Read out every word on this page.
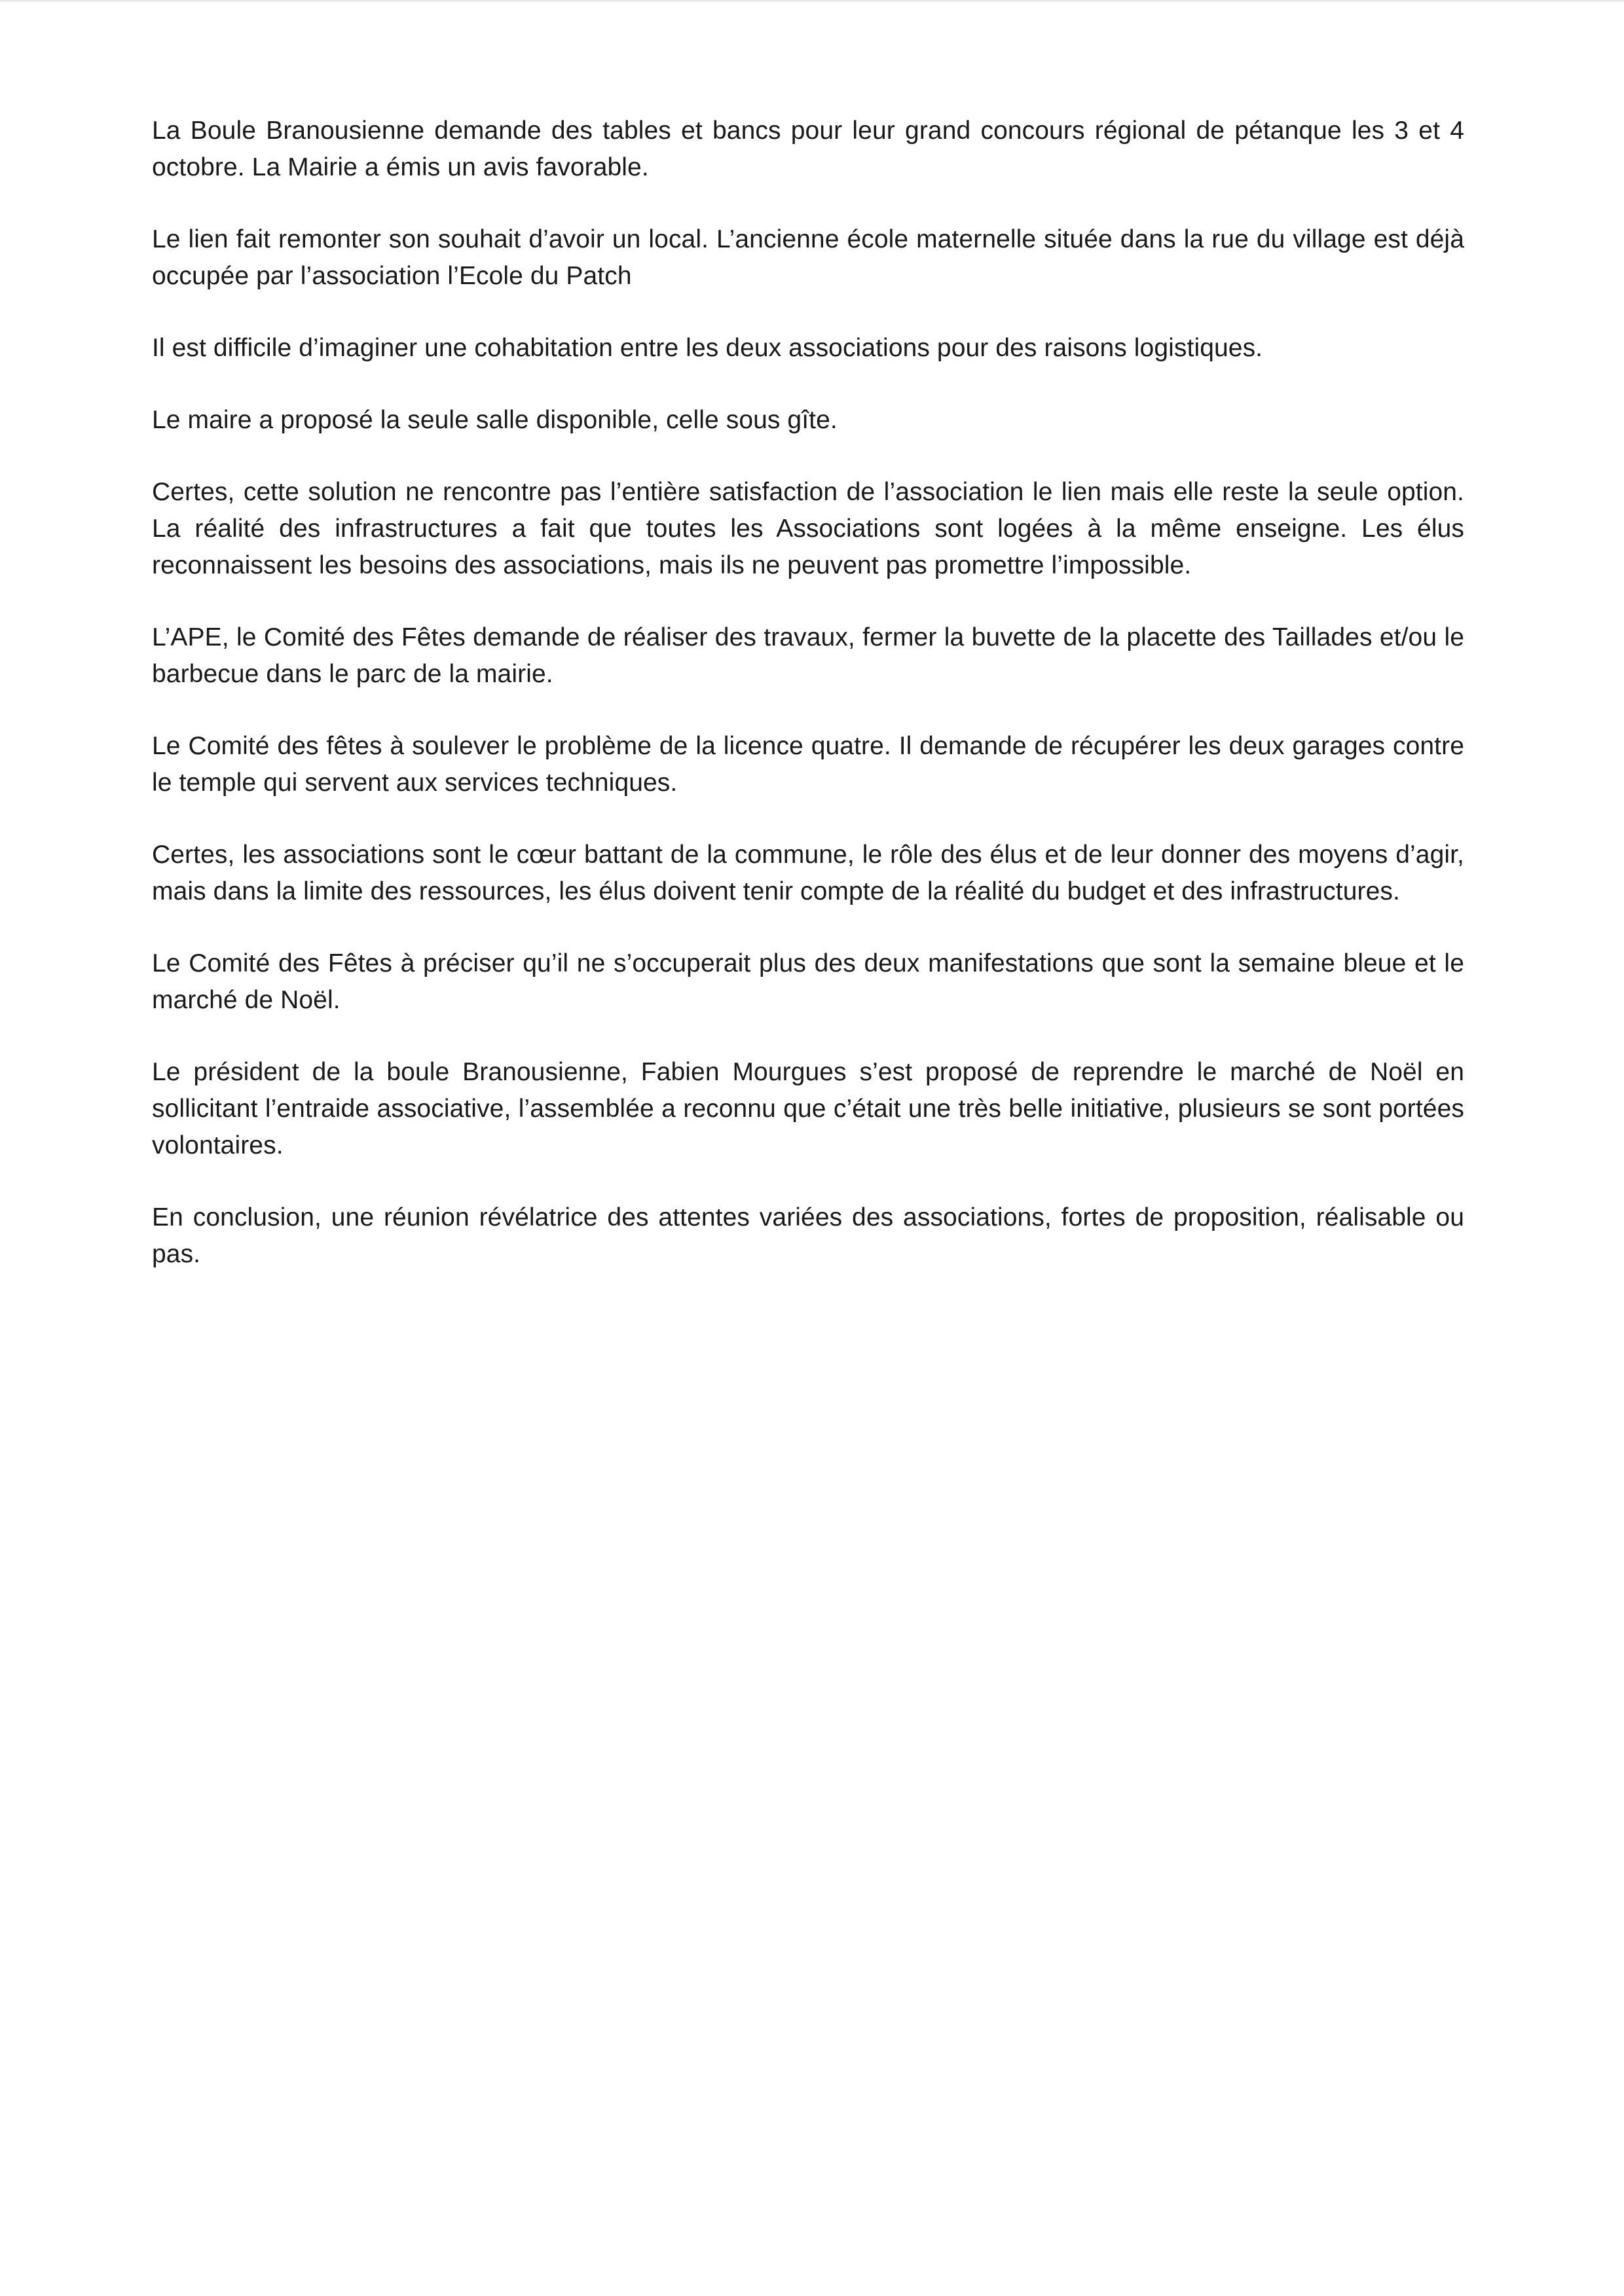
La Boule Branousienne demande des tables et bancs pour leur grand concours régional de pétanque les 3 et 4 octobre. La Mairie a émis un avis favorable.

Le lien fait remonter son souhait d’avoir un local. L’ancienne école maternelle située dans la rue du village est déjà occupée par l’association l’Ecole du Patch

Il est difficile d’imaginer une cohabitation entre les deux associations pour des raisons logistiques.

Le maire a proposé la seule salle disponible, celle sous gîte.

Certes, cette solution ne rencontre pas l’entière satisfaction de l’association le lien mais elle reste la seule option. La réalité des infrastructures a fait que toutes les Associations sont logées à la même enseigne. Les élus reconnaissent les besoins des associations, mais ils ne peuvent pas promettre l’impossible.

L’APE, le Comité des Fêtes demande de réaliser des travaux, fermer la buvette de la placette des Taillades et/ou le barbecue dans le parc de la mairie.

Le Comité des fêtes à soulever le problème de la licence quatre. Il demande de récupérer les deux garages contre le temple qui servent aux services techniques.

Certes, les associations sont le cœur battant de la commune, le rôle des élus et de leur donner des moyens d’agir, mais dans la limite des ressources, les élus doivent tenir compte de la réalité du budget et des infrastructures.

Le Comité des Fêtes à préciser qu’il ne s’occuperait plus des deux manifestations que sont la semaine bleue et le marché de Noël.

Le président de la boule Branousienne, Fabien Mourgues s’est proposé de reprendre le marché de Noël en sollicitant l’entraide associative, l’assemblée a reconnu que c’était une très belle initiative, plusieurs se sont portées volontaires.

En conclusion, une réunion révélatrice des attentes variées des associations, fortes de proposition, réalisable ou pas.
